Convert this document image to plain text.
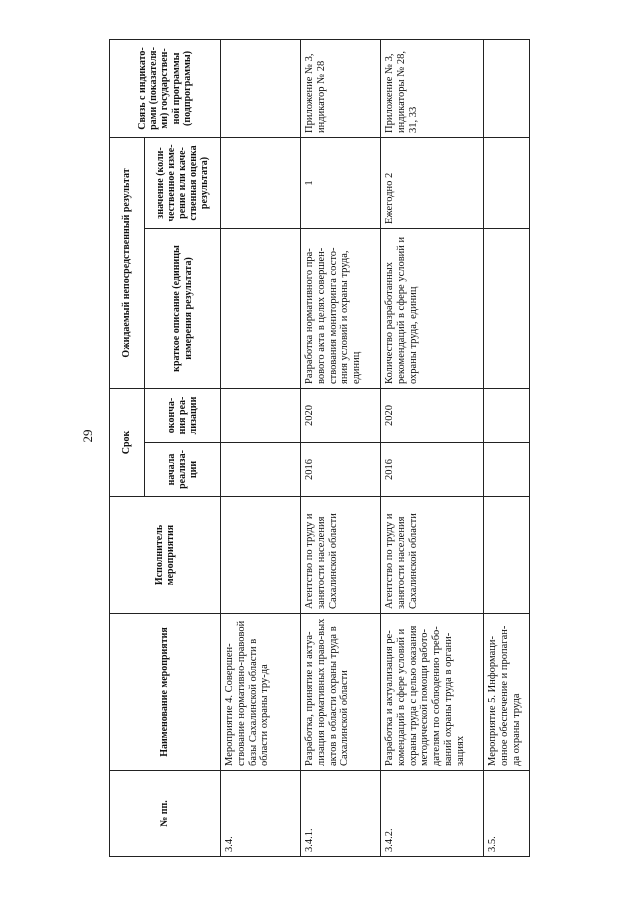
29
№ пп.	Наименование мероприятия	Исполнитель мероприятия	Срок		Ожидаемый непосредственный результат		Связь с индикато-рами (показателя-ми) государствен-ной программы (подпрограммы)
			начала реализа-ции	оконча-ния реа-лизации	краткое описание (единицы измерения результата)	значение (коли-чественное изме-рение или каче-ственная оценка результата)	
3.4.	Мероприятие 4. Совершен-ствование нормативно-правовой базы Сахалинской области в области охраны тру-да						
3.4.1.	Разработка, принятие и актуа-лизация нормативных право-вых актов в области охраны труда в Сахалинской области	Агентство по труду и занятости населения Сахалинской области	2016	2020	Разработка нормативного пра-вового акта в целях совершен-ствования мониторинга состо-яния условий и охраны труда, единиц	1	Приложение № 3, индикатор № 28
3.4.2.	Разработка и актуализация ре-комендаций в сфере условий и охраны труда с целью оказания методической помощи работо-дателям по соблюдению требо-ваний охраны труда в органи-зациях	Агентство по труду и занятости населения Сахалинской области	2016	2020	Количество разработанных рекомендаций в сфере условий и охраны труда, единиц	Ежегодно 2	Приложение № 3, индикаторы № 28, 31, 33
3.5.	Мероприятие 5. Информаци-онное обеспечение и пропаган-да охраны труда						
